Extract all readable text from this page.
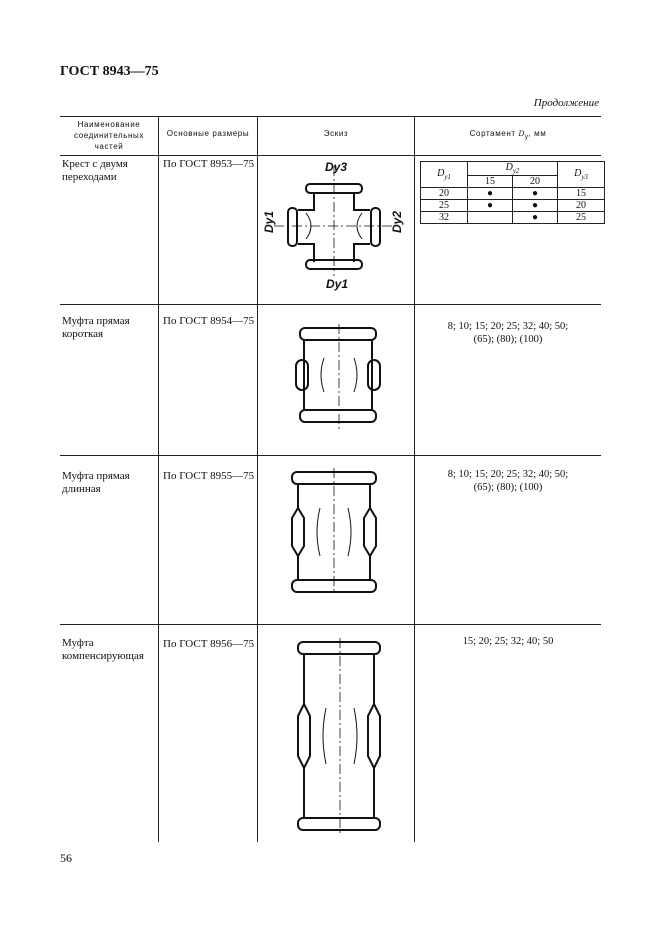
ГОСТ 8943—75
Продолжение
Наименование соединительных частей
Основные размеры	Эскиз	Сортамент $D_y$, мм
Крест с двумя переходами
По ГОСТ 8953—75
$D_{y1}$	$D_{y2}$		$D_{y3}$
	15	20	
20	●	●	15
25	●	●	20
32		●	25
Dy3
Dy1	Dy2
Dy1
Муфта прямая короткая
По ГОСТ 8954—75	8; 10; 15; 20; 25; 32; 40; 50;
(65); (80); (100)
Муфта прямая длинная
По ГОСТ 8955—75	8; 10; 15; 20; 25; 32; 40; 50;
(65); (80); (100)
Муфта компенсирующая
По ГОСТ 8956—75	15; 20; 25; 32; 40; 50
56
